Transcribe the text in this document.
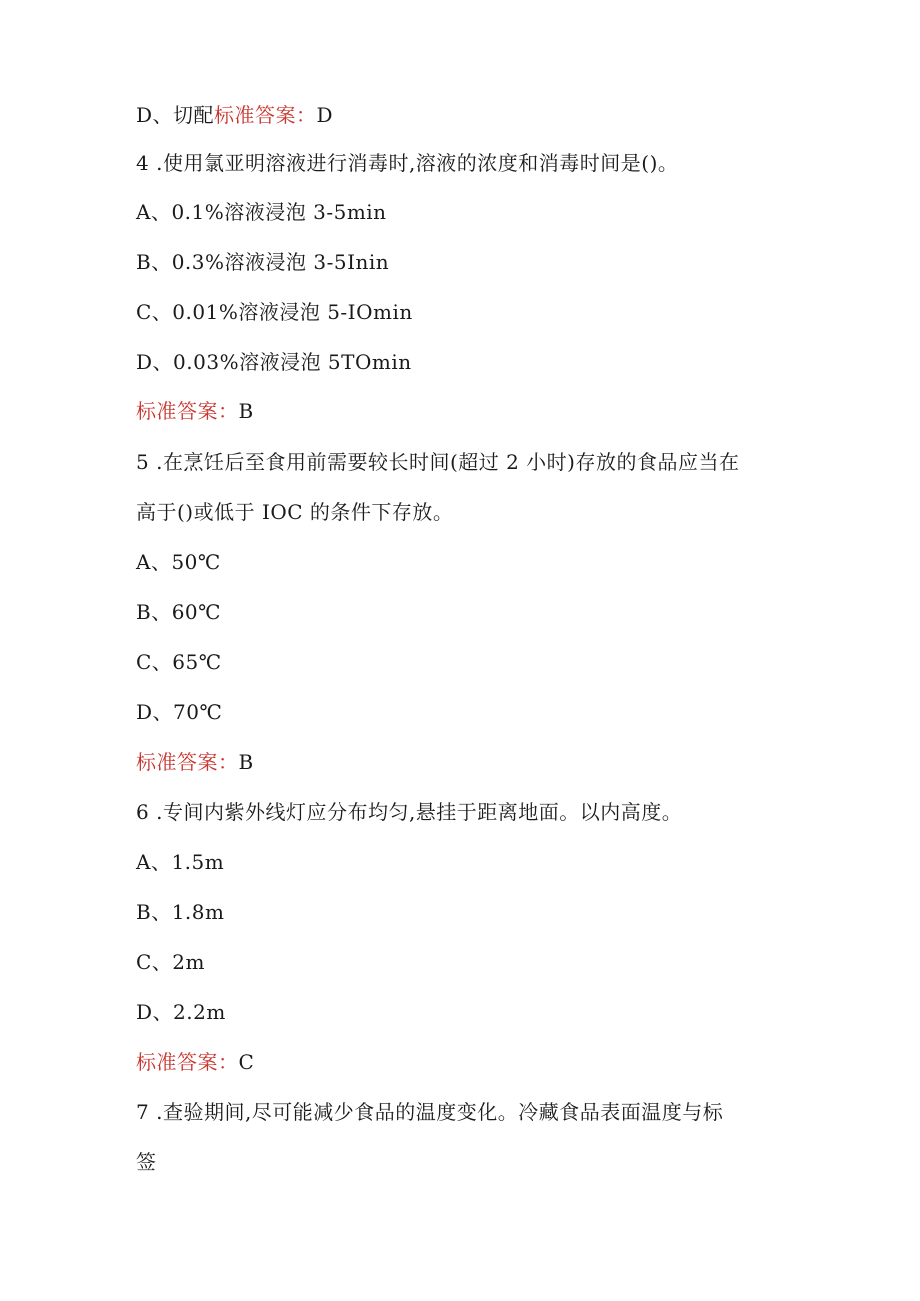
D、切配标准答案：D
4 .使用氯亚明溶液进行消毒时,溶液的浓度和消毒时间是()。
A、0.1%溶液浸泡 3-5min
B、0.3%溶液浸泡 3-5Inin
C、0.01%溶液浸泡 5-IOmin
D、0.03%溶液浸泡 5TOmin
标准答案：B
5 .在烹饪后至食用前需要较长时间(超过 2 小时)存放的食品应当在
高于()或低于 IOC 的条件下存放。
A、50℃
B、60℃
C、65℃
D、70℃
标准答案：B
6 .专间内紫外线灯应分布均匀,悬挂于距离地面。以内高度。
A、1.5m
B、1.8m
C、2m
D、2.2m
标准答案：C
7 .查验期间,尽可能减少食品的温度变化。冷藏食品表面温度与标
签
